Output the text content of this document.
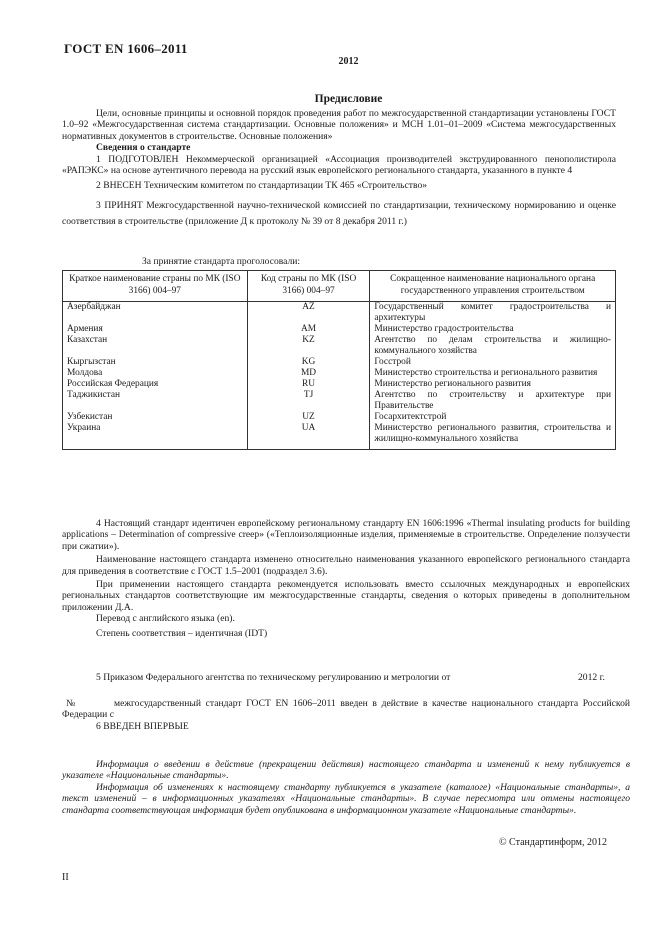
ГОСТ EN 1606–2011
2012
Предисловие

Цели, основные принципы и основной порядок проведения работ по межгосударственной стандартизации установлены ГОСТ 1.0–92 «Межгосударственная система стандартизации. Основные положения» и МСН 1.01–01–2009 «Система межгосударственных нормативных документов в строительстве. Основные положения»

Сведения о стандарте

1 ПОДГОТОВЛЕН Некоммерческой организацией «Ассоциация производителей экструдированного пенополистирола «РАПЭКС» на основе аутентичного перевода на русский язык европейского регионального стандарта, указанного в пункте 4

2 ВНЕСЕН Техническим комитетом по стандартизации ТК 465 «Строительство»

3 ПРИНЯТ Межгосударственной научно-технической комиссией по стандартизации, техническому нормированию и оценке соответствия в строительстве (приложение Д к протоколу № 39 от 8 декабря 2011 г.)

За принятие стандарта проголосовали:
Краткое наименование страны по МК (ISO 3166) 004–97	Код страны по МК (ISO 3166) 004–97	Сокращенное наименование национального органа государственного управления строительством
Азербайджан	AZ	Государственный комитет градостроительства и архитектуры
Армения	AM	Министерство градостроительства
Казахстан	KZ	Агентство по делам строительства и жилищно-коммунального хозяйства
Кыргызстан	KG	Госстрой
Молдова	MD	Министерство строительства и регионального развития
Российская Федерация	RU	Министерство регионального развития
Таджикистан	TJ	Агентство по строительству и архитектуре при Правительстве
Узбекистан	UZ	Госархитектстрой
Украина	UA	Министерство регионального развития, строительства и жилищно-коммунального хозяйства

4 Настоящий стандарт идентичен европейскому региональному стандарту EN 1606:1996 «Thermal insulating products for building applications – Determination of compressive creep» («Теплоизоляционные изделия, применяемые в строительстве. Определение ползучести при сжатии»).

Наименование настоящего стандарта изменено относительно наименования указанного европейского регионального стандарта для приведения в соответствие с ГОСТ 1.5–2001 (подраздел 3.6).

При применении настоящего стандарта рекомендуется использовать вместо ссылочных международных и европейских региональных стандартов соответствующие им межгосударственные стандарты, сведения о которых приведены в дополнительном приложении Д.А.

Перевод с английского языка (en).

Степень соответствия – идентичная (IDT)

5 Приказом Федерального агентства по техническому регулированию и метрологии от	2012 г.
№	межгосударственный стандарт ГОСТ EN 1606–2011 введен в действие в качестве национального стандарта Российской Федерации с

6 ВВЕДЕН ВПЕРВЫЕ

Информация о введении в действие (прекращении действия) настоящего стандарта и изменений к нему публикуется в указателе «Национальные стандарты».

Информация об изменениях к настоящему стандарту публикуется в указателе (каталоге) «Национальные стандарты», а текст изменений – в информационных указателях «Национальные стандарты». В случае пересмотра или отмены настоящего стандарта соответствующая информация будет опубликована в информационном указателе «Национальные стандарты».

© Стандартинформ, 2012
II
